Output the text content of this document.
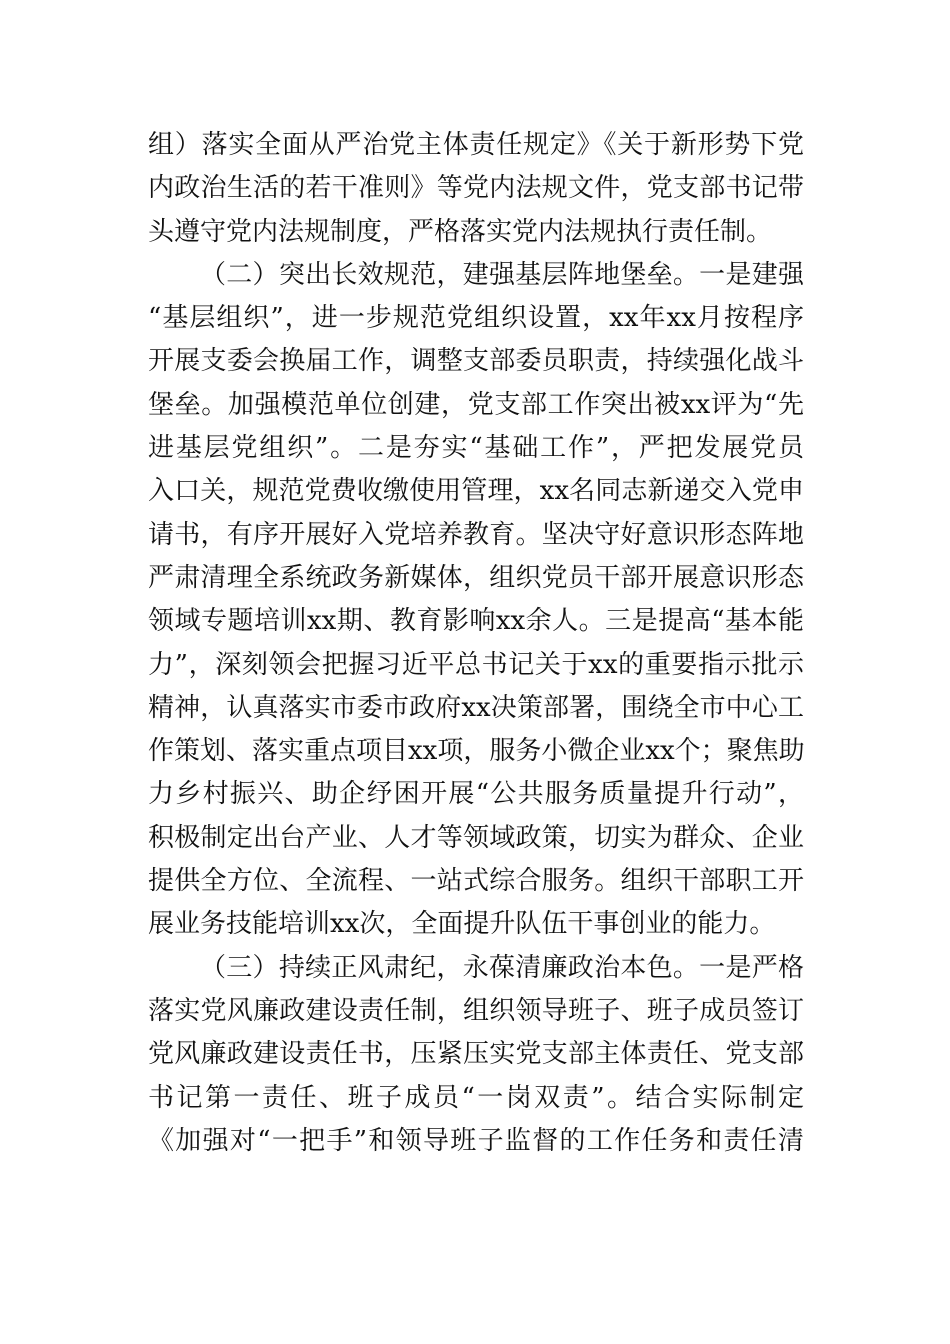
组）落实全面从严治党主体责任规定》《关于新形势下党
内政治生活的若干准则》等党内法规文件，党支部书记带
头遵守党内法规制度，严格落实党内法规执行责任制。
（二）突出长效规范，建强基层阵地堡垒。一是建强
“基层组织”，进一步规范党组织设置，xx年xx月按程序
开展支委会换届工作，调整支部委员职责，持续强化战斗
堡垒。加强模范单位创建，党支部工作突出被xx评为“先
进基层党组织”。二是夯实“基础工作”，严把发展党员
入口关，规范党费收缴使用管理，xx名同志新递交入党申
请书，有序开展好入党培养教育。坚决守好意识形态阵地
严肃清理全系统政务新媒体，组织党员干部开展意识形态
领域专题培训xx期、教育影响xx余人。三是提高“基本能
力”，深刻领会把握习近平总书记关于xx的重要指示批示
精神，认真落实市委市政府xx决策部署，围绕全市中心工
作策划、落实重点项目xx项，服务小微企业xx个；聚焦助
力乡村振兴、助企纾困开展“公共服务质量提升行动”，
积极制定出台产业、人才等领域政策，切实为群众、企业
提供全方位、全流程、一站式综合服务。组织干部职工开
展业务技能培训xx次，全面提升队伍干事创业的能力。
（三）持续正风肃纪，永葆清廉政治本色。一是严格
落实党风廉政建设责任制，组织领导班子、班子成员签订
党风廉政建设责任书，压紧压实党支部主体责任、党支部
书记第一责任、班子成员“一岗双责”。结合实际制定
《加强对“一把手”和领导班子监督的工作任务和责任清
